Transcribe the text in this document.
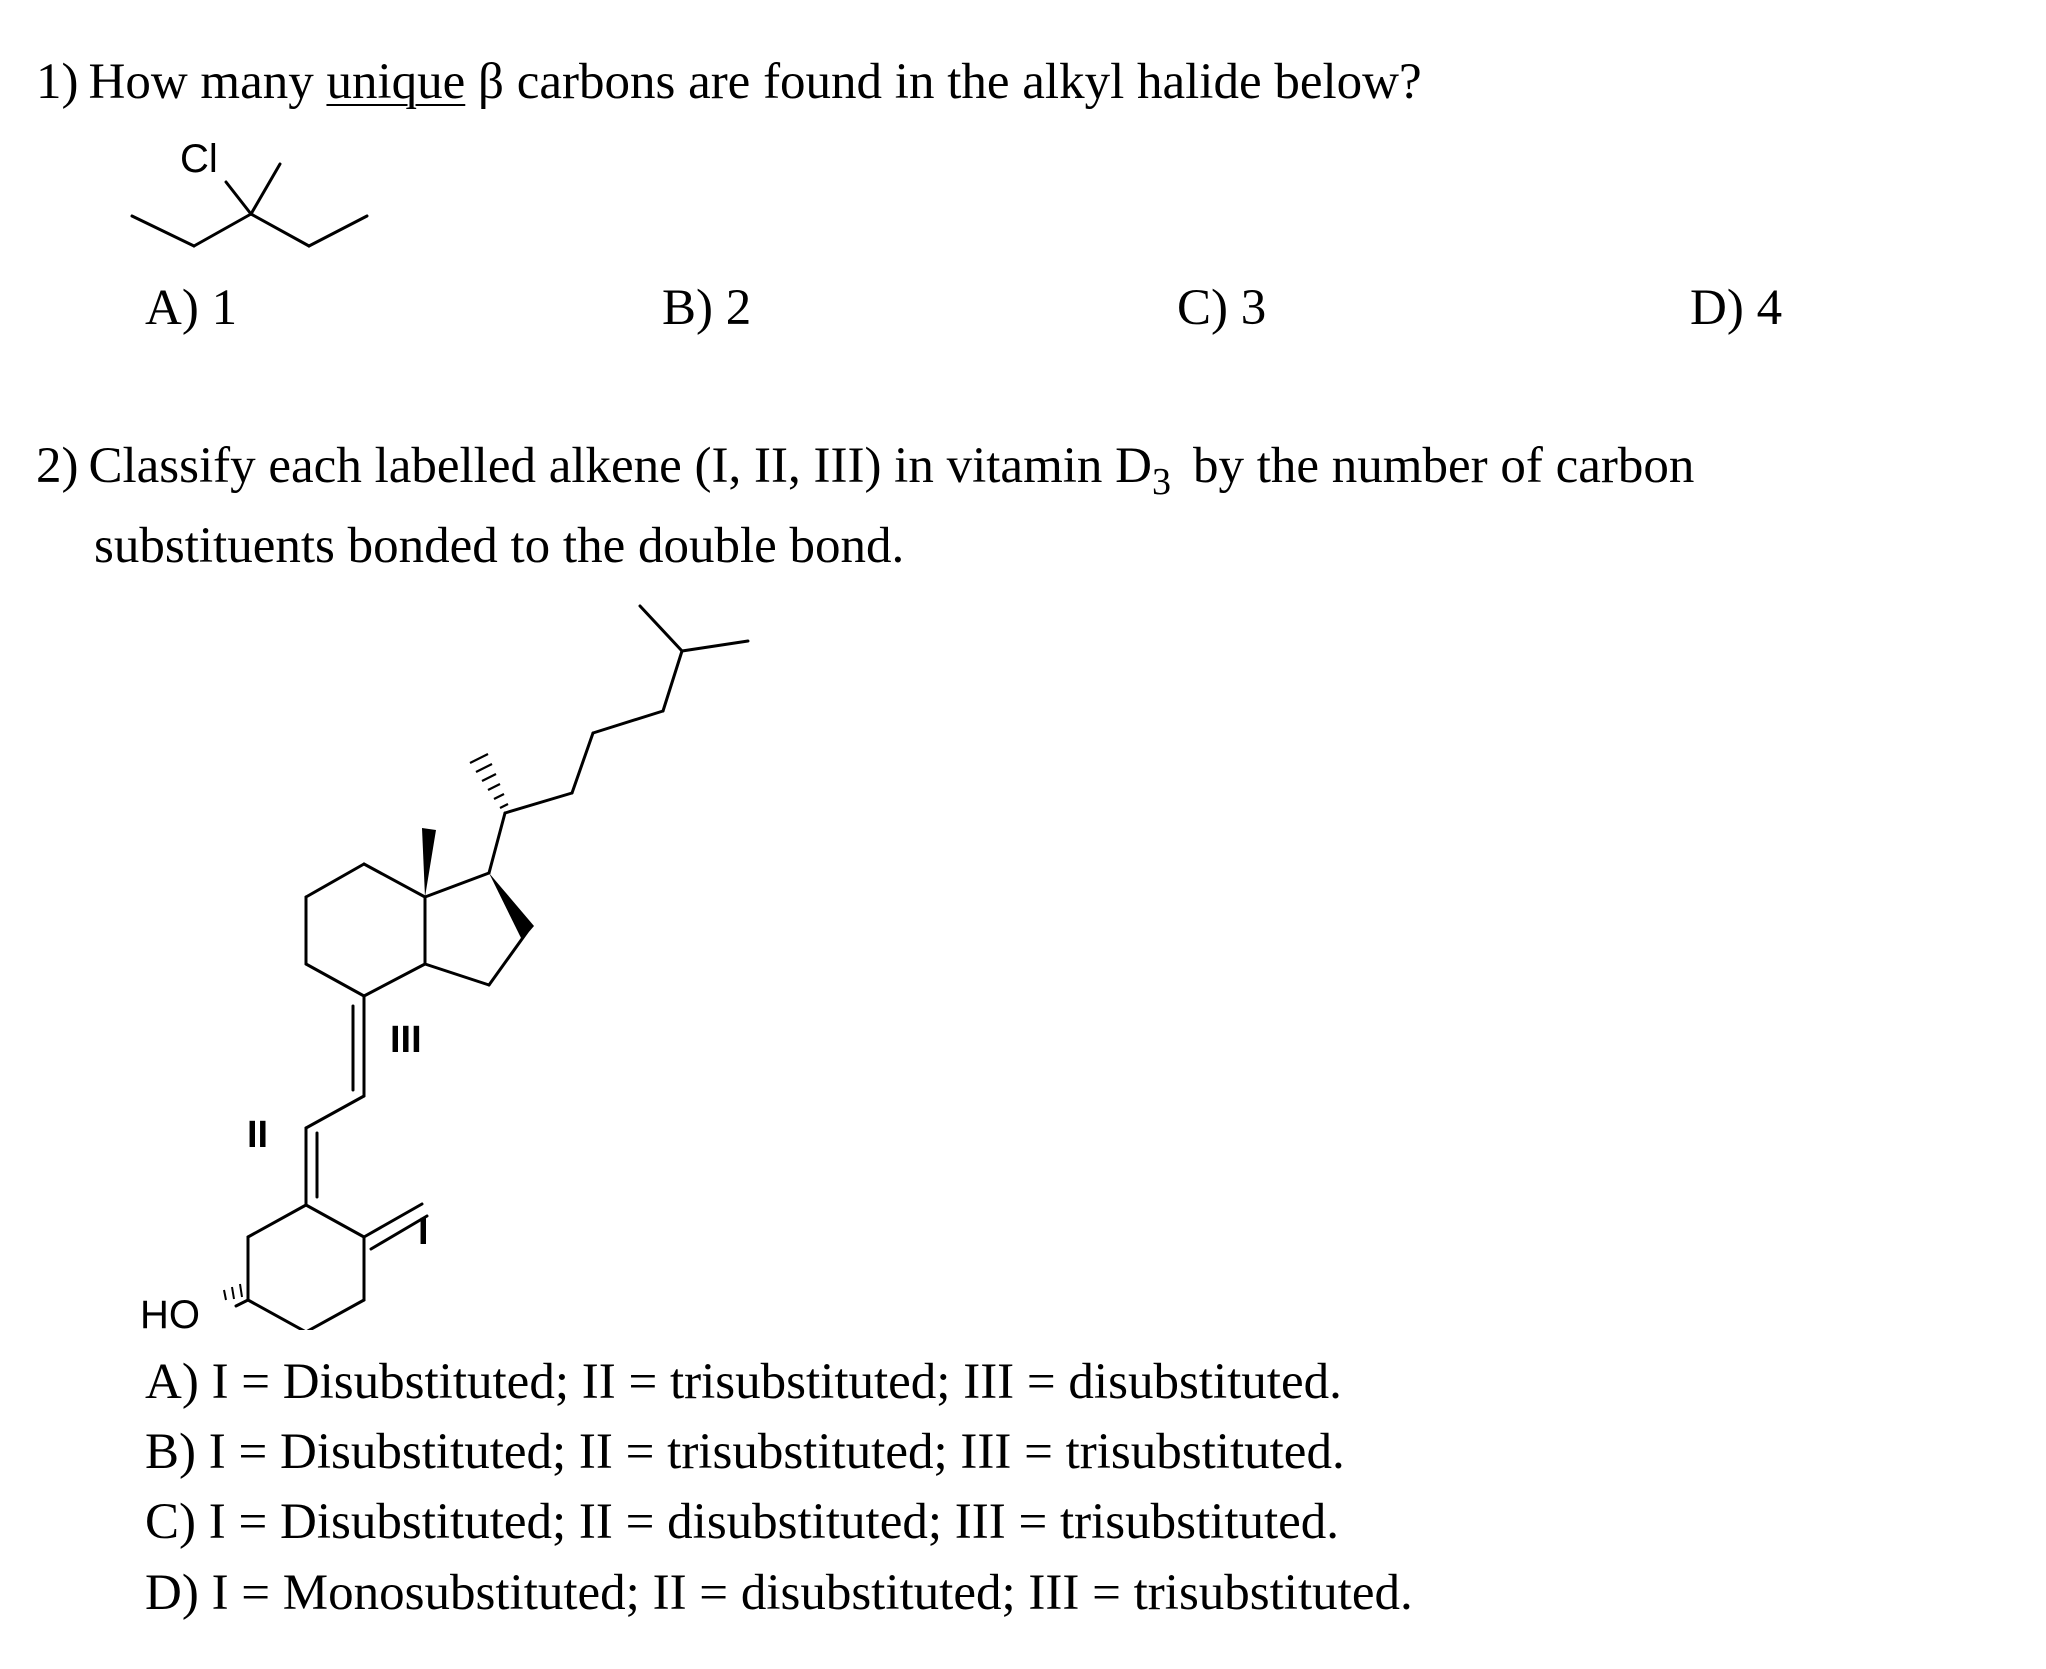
1) How many unique β carbons are found in the alkyl halide below?
Cl
A) 1	B) 2	C) 3	D) 4
2) Classify each labelled alkene (I, II, III) in vitamin $D_3$ by the number of carbon
substituents bonded to the double bond.
HO
I
II
III
A) I = Disubstituted; II = trisubstituted; III = disubstituted.
B) I = Disubstituted; II = trisubstituted; III = trisubstituted.
C) I = Disubstituted; II = disubstituted; III = trisubstituted.
D) I = Monosubstituted; II = disubstituted; III = trisubstituted.
